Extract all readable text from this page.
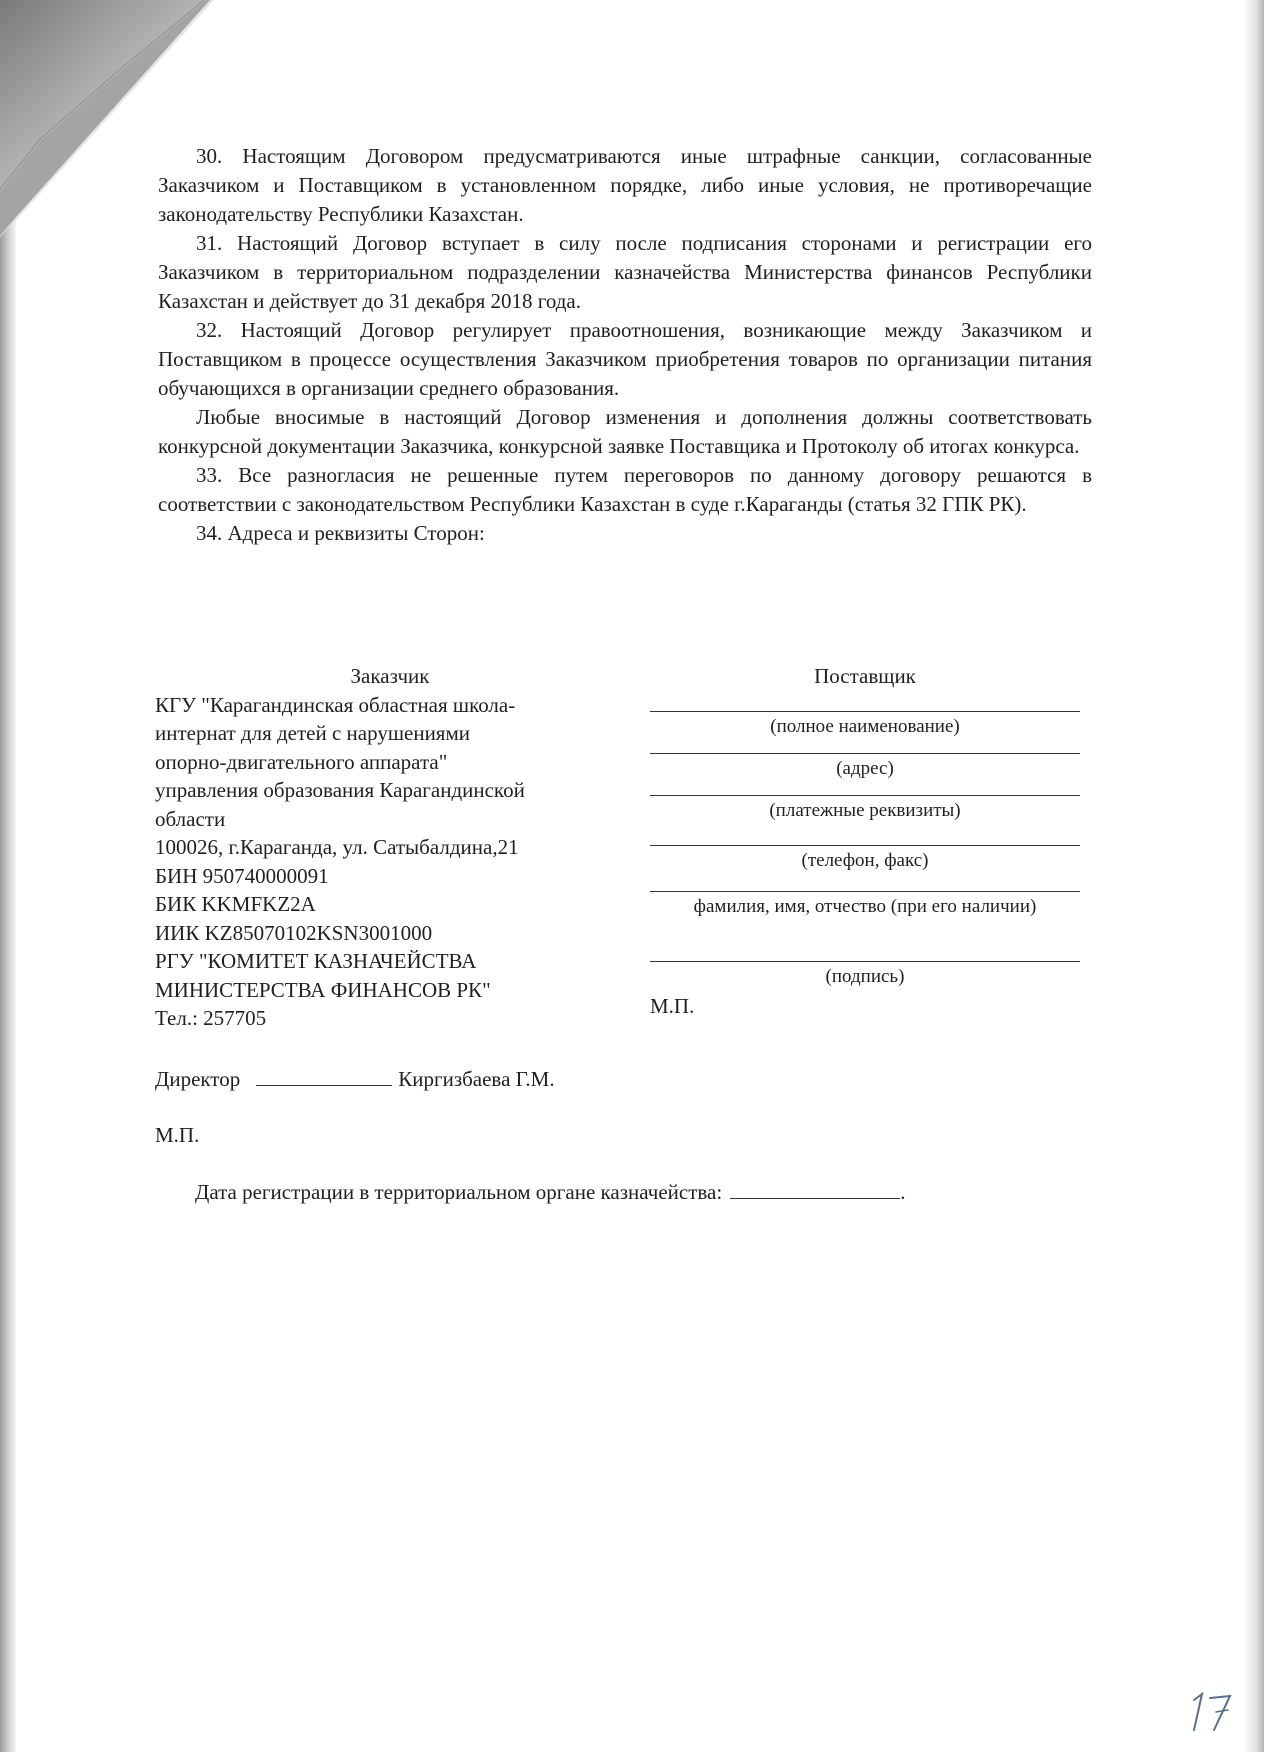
30. Настоящим Договором предусматриваются иные штрафные санкции, согласованные Заказчиком и Поставщиком в установленном порядке, либо иные условия, не противоречащие законодательству Республики Казахстан.

31. Настоящий Договор вступает в силу после подписания сторонами и регистрации его Заказчиком в территориальном подразделении казначейства Министерства финансов Республики Казахстан и действует до 31 декабря 2018 года.

32. Настоящий Договор регулирует правоотношения, возникающие между Заказчиком и Поставщиком в процессе осуществления Заказчиком приобретения товаров по организации питания обучающихся в организации среднего образования.

Любые вносимые в настоящий Договор изменения и дополнения должны соответствовать конкурсной документации Заказчика, конкурсной заявке Поставщика и Протоколу об итогах конкурса.

33. Все разногласия не решенные путем переговоров по данному договору решаются в соответствии с законодательством Республики Казахстан в суде г.Караганды (статья 32 ГПК РК).

34. Адреса и реквизиты Сторон:

Заказчик
КГУ "Карагандинская областная школа-
интернат для детей с нарушениями
опорно-двигательного аппарата"
управления образования Карагандинской
области
100026, г.Караганда, ул. Сатыбалдина,21
БИН 950740000091
БИК KKMFKZ2A
ИИК KZ85070102KSN3001000
РГУ "КОМИТЕТ КАЗНАЧЕЙСТВА
МИНИСТЕРСТВА ФИНАНСОВ РК"
Тел.: 257705
Поставщик
(полное наименование)
(адрес)
(платежные реквизиты)
(телефон, факс)
фамилия, имя, отчество (при его наличии)
(подпись)
М.П.
Директор	Киргизбаева Г.М.
М.П.
Дата регистрации в территориальном органе казначейства:	.
